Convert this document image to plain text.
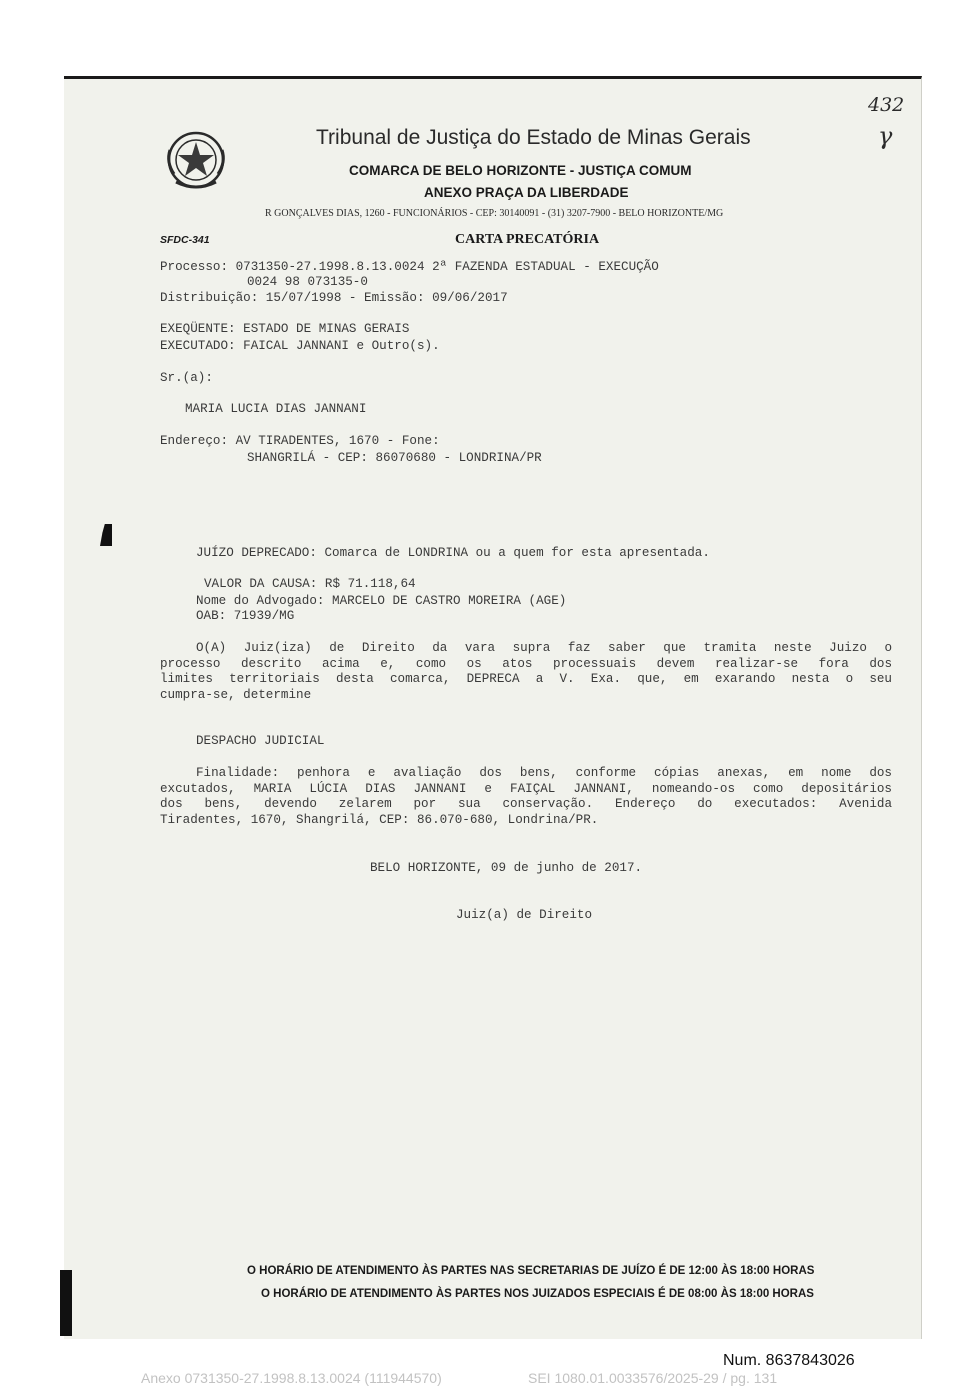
432
γ
Tribunal de Justiça do Estado de Minas Gerais
COMARCA DE BELO HORIZONTE - JUSTIÇA COMUM
ANEXO PRAÇA DA LIBERDADE
R GONÇALVES DIAS, 1260 - FUNCIONÁRIOS - CEP: 30140091 - (31) 3207-7900 - BELO HORIZONTE/MG
SFDC-341	CARTA PRECATÓRIA
Processo: 0731350-27.1998.8.13.0024 2ª FAZENDA ESTADUAL - EXECUÇÃO
0024 98 073135-0
Distribuição: 15/07/1998 - Emissão: 09/06/2017
EXEQÜENTE: ESTADO DE MINAS GERAIS
EXECUTADO: FAICAL JANNANI e Outro(s).
Sr.(a):
MARIA LUCIA DIAS JANNANI
Endereço: AV TIRADENTES, 1670 - Fone:
SHANGRILÁ - CEP: 86070680 - LONDRINA/PR
JUÍZO DEPRECADO: Comarca de LONDRINA ou a quem for esta apresentada.
VALOR DA CAUSA: R$ 71.118,64
Nome do Advogado: MARCELO DE CASTRO MOREIRA (AGE)
OAB: 71939/MG
O(A) Juiz(iza) de Direito da vara supra faz saber que tramita neste Juizo o
processo descrito acima e, como os atos processuais devem realizar-se fora dos
limites territoriais desta comarca, DEPRECA a V. Exa. que, em exarando nesta o seu
cumpra-se, determine
DESPACHO JUDICIAL
Finalidade: penhora e avaliação dos bens, conforme cópias anexas, em nome dos
excutados, MARIA LÚCIA DIAS JANNANI e FAIÇAL JANNANI, nomeando-os como depositários
dos bens, devendo zelarem por sua conservação. Endereço do executados: Avenida
Tiradentes, 1670, Shangrilá, CEP: 86.070-680, Londrina/PR.
BELO HORIZONTE, 09 de junho de 2017.
Juiz(a) de Direito
O HORÁRIO DE ATENDIMENTO ÀS PARTES NAS SECRETARIAS DE JUÍZO É DE 12:00 ÀS 18:00 HORAS
O HORÁRIO DE ATENDIMENTO ÀS PARTES NOS JUIZADOS ESPECIAIS É DE 08:00 ÀS 18:00 HORAS
Num. 8637843026
Anexo 0731350-27.1998.8.13.0024 (111944570)	SEI 1080.01.0033576/2025-29 / pg. 131
